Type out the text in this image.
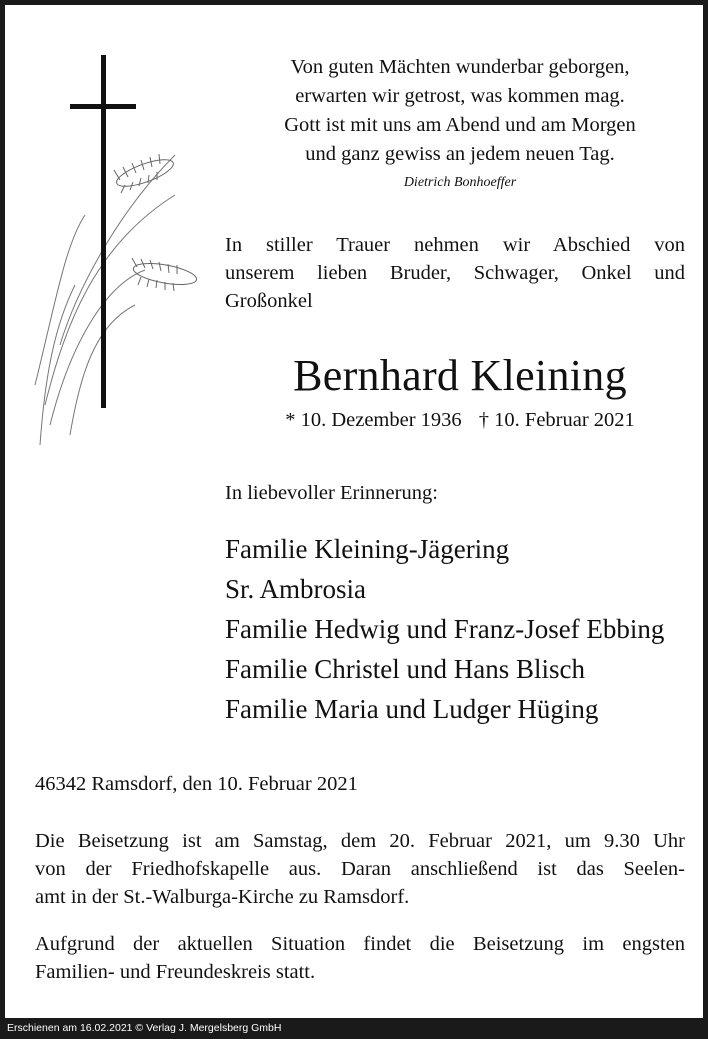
Von guten Mächten wunderbar geborgen,
erwarten wir getrost, was kommen mag.
Gott ist mit uns am Abend und am Morgen
und ganz gewiss an jedem neuen Tag.
Dietrich Bonhoeffer
In stiller Trauer nehmen wir Abschied von
unserem lieben Bruder, Schwager, Onkel und
Großonkel
Bernhard Kleining
* 10. Dezember 1936 † 10. Februar 2021
In liebevoller Erinnerung:
Familie Kleining-Jägering
Sr. Ambrosia
Familie Hedwig und Franz-Josef Ebbing
Familie Christel und Hans Blisch
Familie Maria und Ludger Hüging
46342 Ramsdorf, den 10. Februar 2021
Die Beisetzung ist am Samstag, dem 20. Februar 2021, um 9.30 Uhr
von der Friedhofskapelle aus. Daran anschließend ist das Seelen-
amt in der St.-Walburga-Kirche zu Ramsdorf.
Aufgrund der aktuellen Situation findet die Beisetzung im engsten
Familien- und Freundeskreis statt.
Erschienen am 16.02.2021 © Verlag J. Mergelsberg GmbH
